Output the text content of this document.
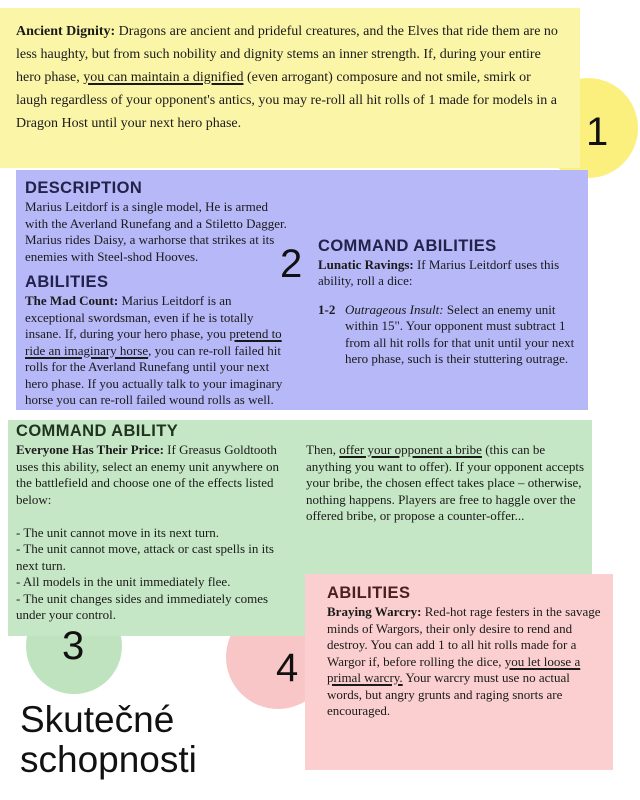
Ancient Dignity: Dragons are ancient and prideful creatures, and the Elves that ride them are no less haughty, but from such nobility and dignity stems an inner strength. If, during your entire hero phase, you can maintain a dignified (even arrogant) composure and not smile, smirk or laugh regardless of your opponent's antics, you may re-roll all hit rolls of 1 made for models in a Dragon Host until your next hero phase.

DESCRIPTION

Marius Leitdorf is a single model, He is armed with the Averland Runefang and a Stiletto Dagger. Marius rides Daisy, a warhorse that strikes at its enemies with Steel-shod Hooves.

ABILITIES

The Mad Count: Marius Leitdorf is an exceptional swordsman, even if he is totally insane. If, during your hero phase, you pretend to ride an imaginary horse, you can re-roll failed hit rolls for the Averland Runefang until your next hero phase. If you actually talk to your imaginary horse you can re-roll failed wound rolls as well.

COMMAND ABILITIES

Lunatic Ravings: If Marius Leitdorf uses this ability, roll a dice:

1-2 Outrageous Insult: Select an enemy unit within 15". Your opponent must subtract 1 from all hit rolls for that unit until your next hero phase, such is their stuttering outrage.

COMMAND ABILITY

Everyone Has Their Price: If Greasus Goldtooth uses this ability, select an enemy unit anywhere on the battlefield and choose one of the effects listed below:

- The unit cannot move in its next turn.

- The unit cannot move, attack or cast spells in its next turn.

- All models in the unit immediately flee.

- The unit changes sides and immediately comes under your control.

Then, offer your opponent a bribe (this can be anything you want to offer). If your opponent accepts your bribe, the chosen effect takes place – otherwise, nothing happens. Players are free to haggle over the offered bribe, or propose a counter-offer...

ABILITIES

Braying Warcry: Red-hot rage festers in the savage minds of Wargors, their only desire to rend and destroy. You can add 1 to all hit rolls made for a Wargor if, before rolling the dice, you let loose a primal warcry. Your warcry must use no actual words, but angry grunts and raging snorts are encouraged.

1
2
3	4
Skutečné
schopnosti
